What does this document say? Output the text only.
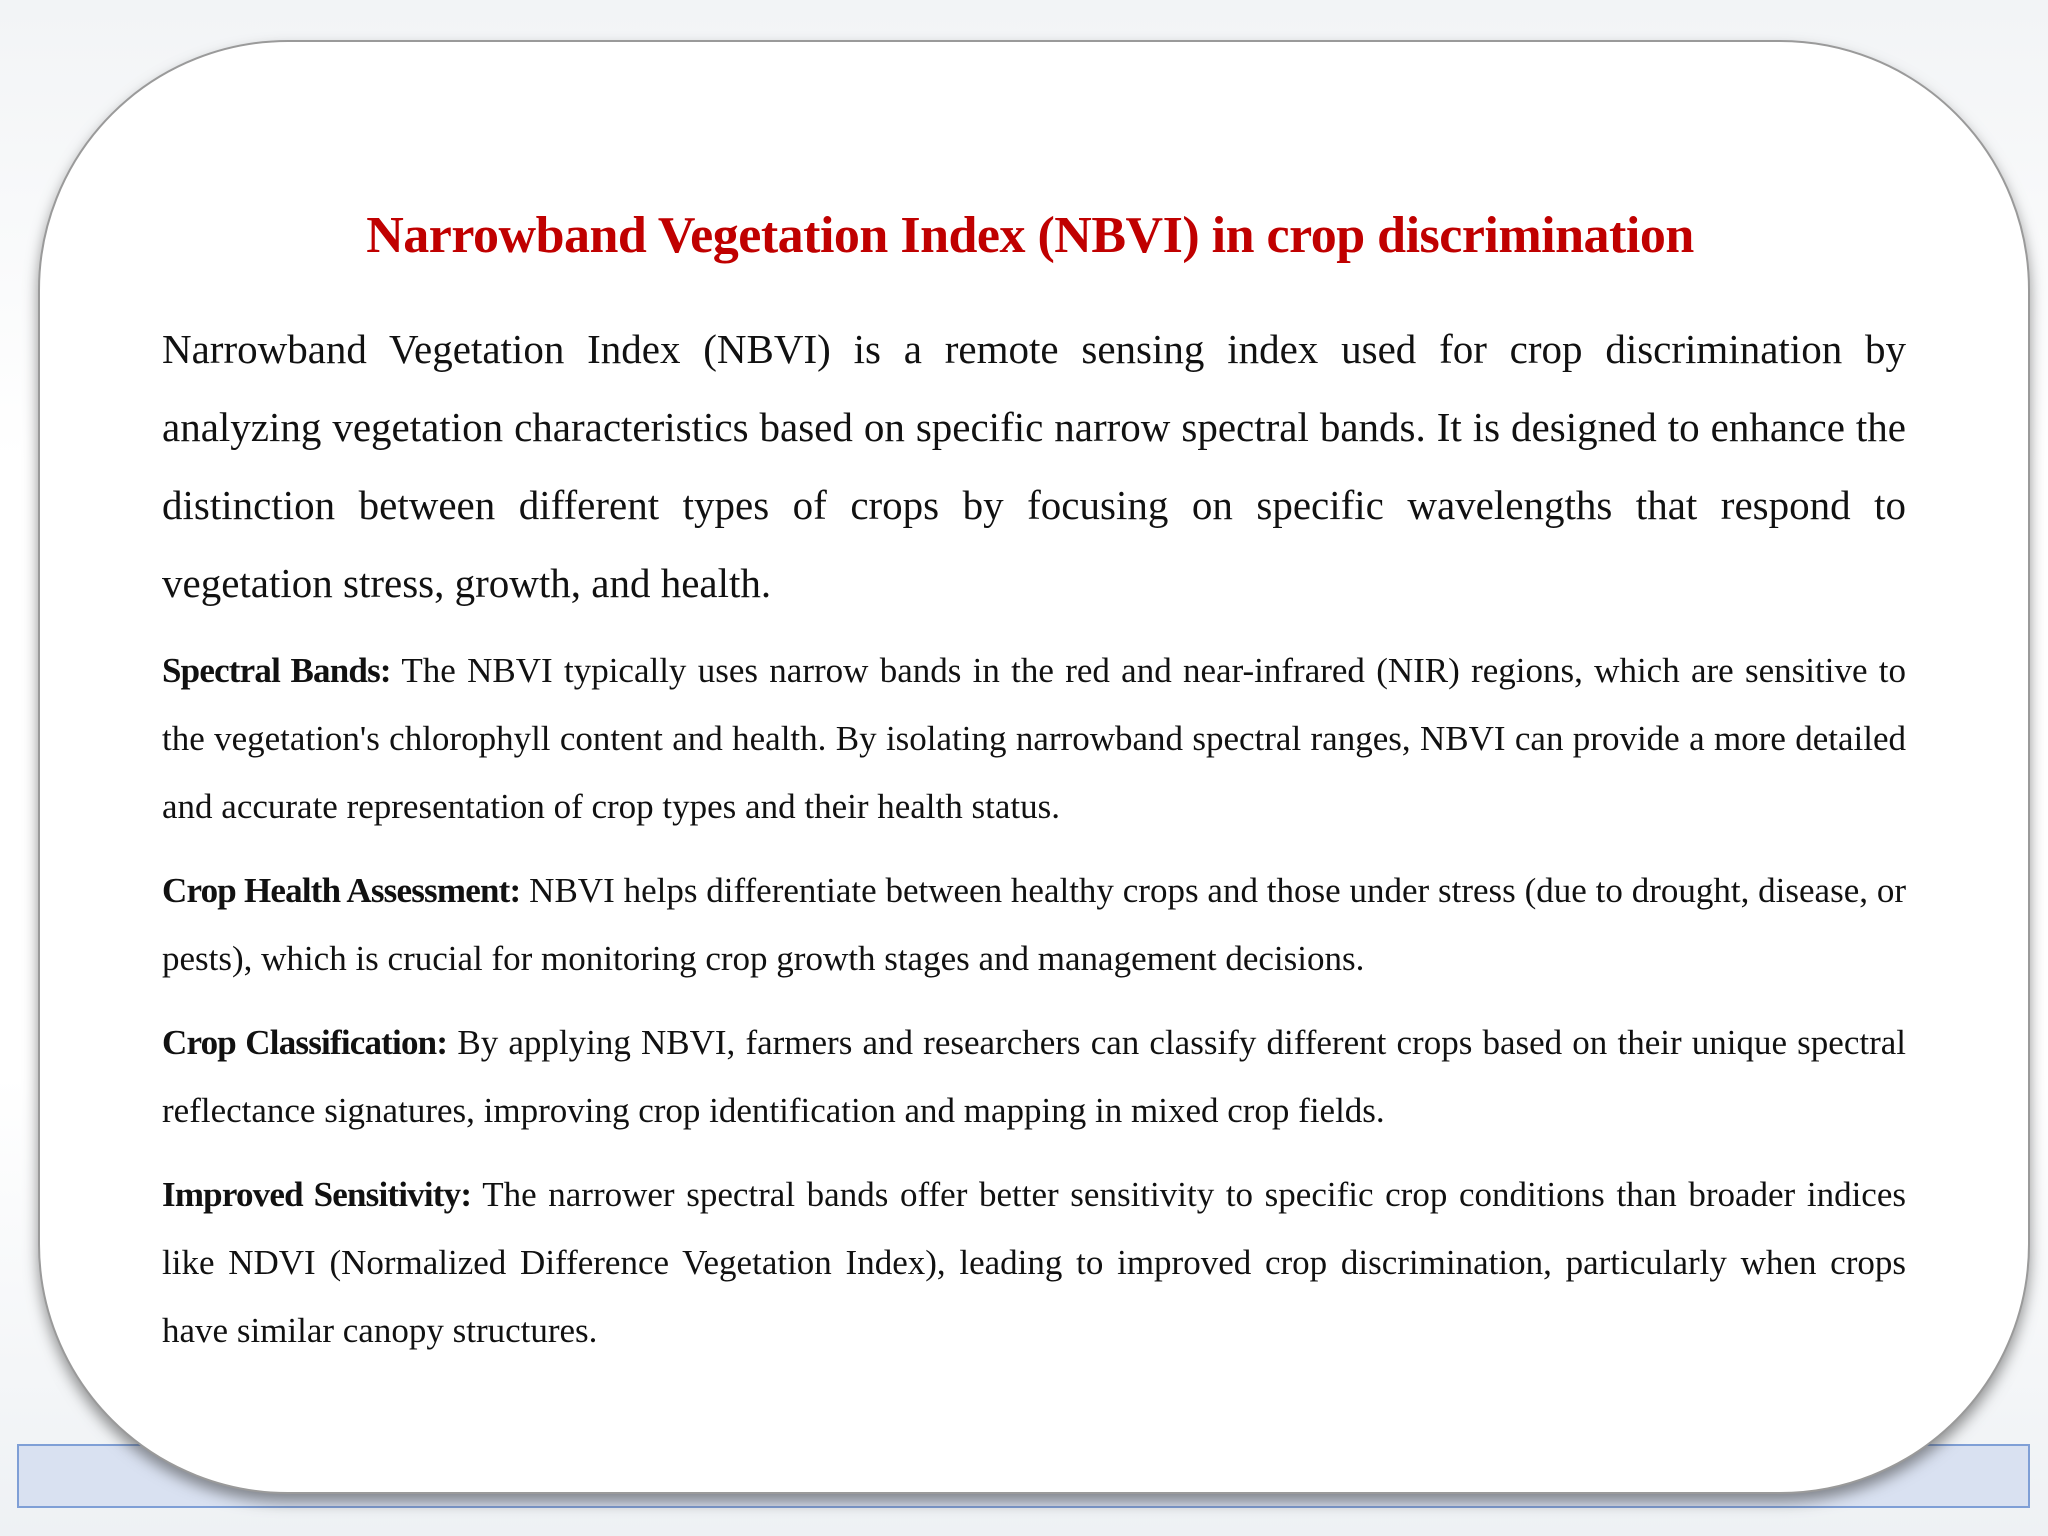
Narrowband Vegetation Index (NBVI) in crop discrimination

Narrowband Vegetation Index (NBVI) is a remote sensing index used for crop discrimination by analyzing vegetation characteristics based on specific narrow spectral bands. It is designed to enhance the distinction between different types of crops by focusing on specific wavelengths that respond to vegetation stress, growth, and health.

Spectral Bands: The NBVI typically uses narrow bands in the red and near-infrared (NIR) regions, which are sensitive to the vegetation's chlorophyll content and health. By isolating narrowband spectral ranges, NBVI can provide a more detailed and accurate representation of crop types and their health status.

Crop Health Assessment: NBVI helps differentiate between healthy crops and those under stress (due to drought, disease, or pests), which is crucial for monitoring crop growth stages and management decisions.

Crop Classification: By applying NBVI, farmers and researchers can classify different crops based on their unique spectral reflectance signatures, improving crop identification and mapping in mixed crop fields.

Improved Sensitivity: The narrower spectral bands offer better sensitivity to specific crop conditions than broader indices like NDVI (Normalized Difference Vegetation Index), leading to improved crop discrimination, particularly when crops have similar canopy structures.
